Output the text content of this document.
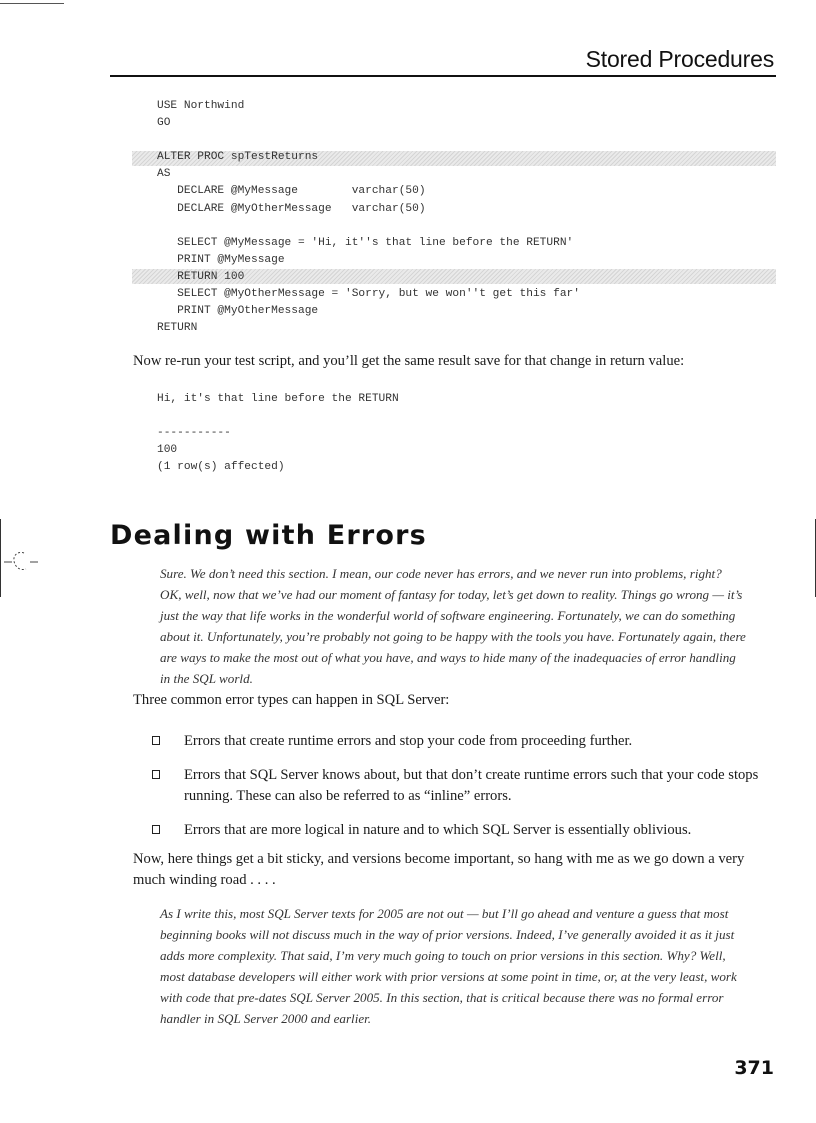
Stored Procedures
USE Northwind
GO
ALTER PROC spTestReturns
AS
DECLARE @MyMessage        varchar(50)
DECLARE @MyOtherMessage   varchar(50)
SELECT @MyMessage = 'Hi, it''s that line before the RETURN'
PRINT @MyMessage
RETURN 100
SELECT @MyOtherMessage = 'Sorry, but we won''t get this far'
PRINT @MyOtherMessage
RETURN

Now re-run your test script, and you’ll get the same result save for that change in return value:

Hi, it's that line before the RETURN
-----------
100
(1 row(s) affected)
Dealing with Errors

Sure. We don’t need this section. I mean, our code never has errors, and we never run into problems, right? OK, well, now that we’ve had our moment of fantasy for today, let’s get down to reality. Things go wrong — it’s just the way that life works in the wonderful world of software engineering. Fortunately, we can do something about it. Unfortunately, you’re probably not going to be happy with the tools you have. Fortunately again, there are ways to make the most out of what you have, and ways to hide many of the inadequacies of error handling in the SQL world.

Three common error types can happen in SQL Server:

Errors that create runtime errors and stop your code from proceeding further.
Errors that SQL Server knows about, but that don’t create runtime errors such that your code stops running. These can also be referred to as “inline” errors.
Errors that are more logical in nature and to which SQL Server is essentially oblivious.

Now, here things get a bit sticky, and versions become important, so hang with me as we go down a very much winding road . . . .

As I write this, most SQL Server texts for 2005 are not out — but I’ll go ahead and venture a guess that most beginning books will not discuss much in the way of prior versions. Indeed, I’ve generally avoided it as it just adds more complexity. That said, I’m very much going to touch on prior versions in this section. Why? Well, most database developers will either work with prior versions at some point in time, or, at the very least, work with code that pre-dates SQL Server 2005. In this section, that is critical because there was no formal error handler in SQL Server 2000 and earlier.

371
